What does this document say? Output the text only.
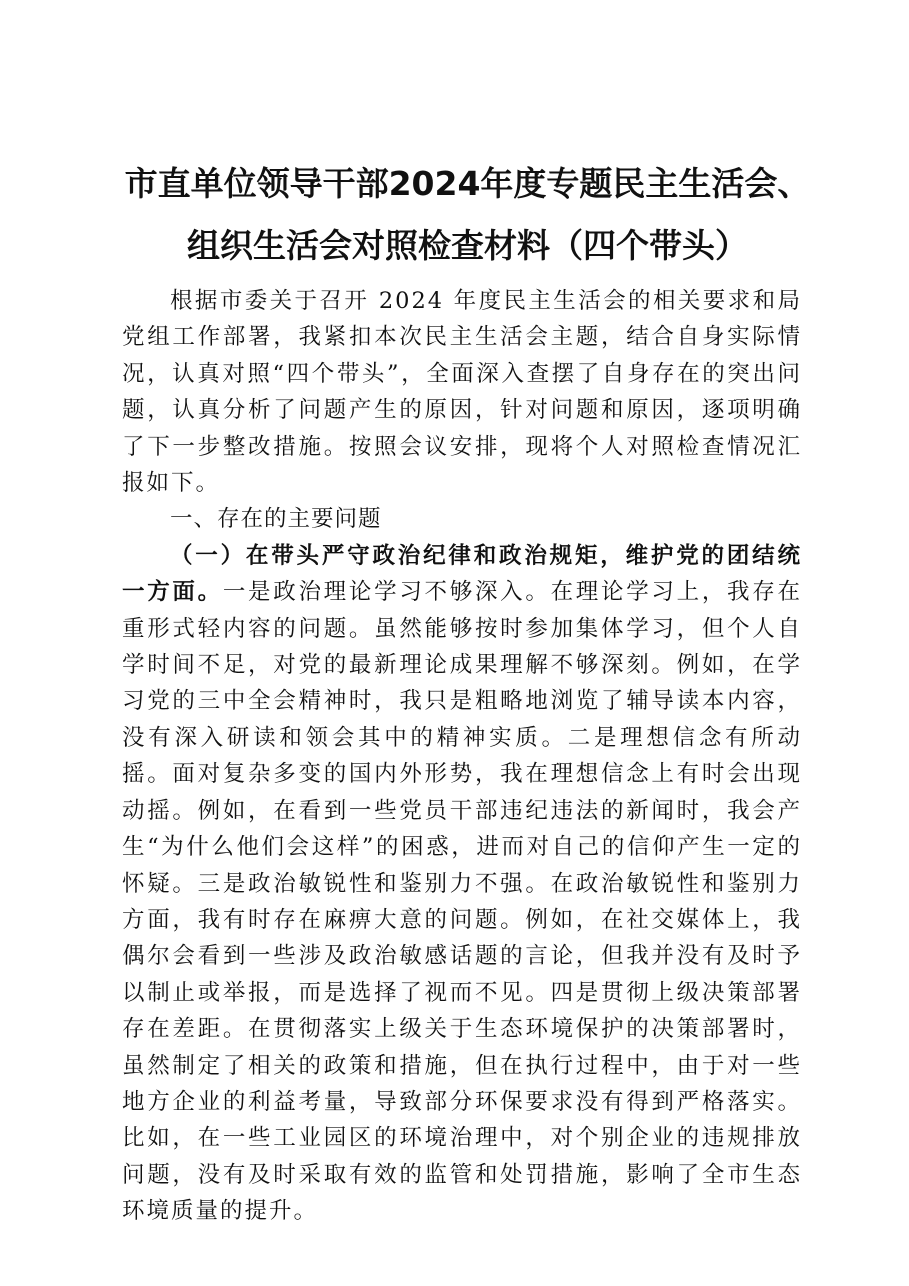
市直单位领导干部2024年度专题民主生活会、
组织生活会对照检查材料（四个带头）

根据市委关于召开 2024 年度民主生活会的相关要求和局党组工作部署，我紧扣本次民主生活会主题，结合自身实际情况，认真对照“四个带头”，全面深入查摆了自身存在的突出问题，认真分析了问题产生的原因，针对问题和原因，逐项明确了下一步整改措施。按照会议安排，现将个人对照检查情况汇报如下。

一、存在的主要问题

（一）在带头严守政治纪律和政治规矩，维护党的团结统一方面。一是政治理论学习不够深入。在理论学习上，我存在重形式轻内容的问题。虽然能够按时参加集体学习，但个人自学时间不足，对党的最新理论成果理解不够深刻。例如，在学习党的三中全会精神时，我只是粗略地浏览了辅导读本内容，没有深入研读和领会其中的精神实质。二是理想信念有所动摇。面对复杂多变的国内外形势，我在理想信念上有时会出现动摇。例如，在看到一些党员干部违纪违法的新闻时，我会产生“为什么他们会这样”的困惑，进而对自己的信仰产生一定的怀疑。三是政治敏锐性和鉴别力不强。在政治敏锐性和鉴别力方面，我有时存在麻痹大意的问题。例如，在社交媒体上，我偶尔会看到一些涉及政治敏感话题的言论，但我并没有及时予以制止或举报，而是选择了视而不见。四是贯彻上级决策部署存在差距。在贯彻落实上级关于生态环境保护的决策部署时，虽然制定了相关的政策和措施，但在执行过程中，由于对一些地方企业的利益考量，导致部分环保要求没有得到严格落实。比如，在一些工业园区的环境治理中，对个别企业的违规排放问题，没有及时采取有效的监管和处罚措施，影响了全市生态环境质量的提升。
